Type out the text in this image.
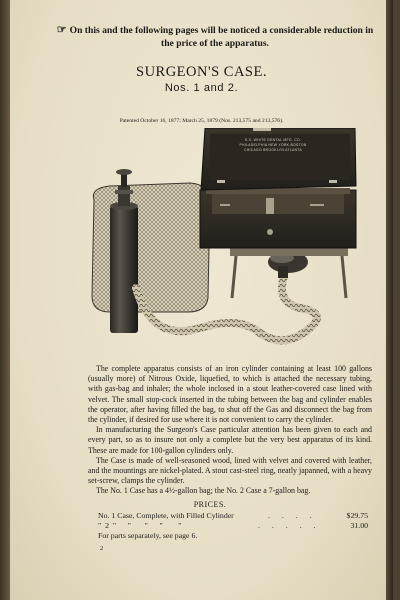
☞ On this and the following pages will be noticed a considerable reduction in the price of the apparatus.
SURGEON'S CASE.
Nos. 1 and 2.
Patented October 16, 1877; March 25, 1879 (Nos. 213,575 and 213,576).
S.S. WHITE DENTAL MFG. CO. PHILADELPHIA NEW YORK BOSTON CHICAGO BROOKLYN ATLANTA

The complete apparatus consists of an iron cylinder containing at least 100 gallons (usually more) of Nitrous Oxide, liquefied, to which is attached the necessary tubing, with gas-bag and inhaler; the whole inclosed in a stout leather-covered case lined with velvet. The small stop-cock inserted in the tubing between the bag and cylinder enables the operator, after having filled the bag, to shut off the Gas and disconnect the bag from the cylinder, if desired for use where it is not convenient to carry the cylinder.

In manufacturing the Surgeon's Case particular attention has been given to each and every part, so as to insure not only a complete but the very best apparatus of its kind. These are made for 100-gallon cylinders only.

The Case is made of well-seasoned wood, lined with velvet and covered with leather, and the mountings are nickel-plated. A stout cast-steel ring, neatly japanned, with a heavy set-screw, clamps the cylinder.

The No. 1 Case has a 4½-gallon bag; the No. 2 Case a 7-gallon bag.

PRICES.
No. 1 Case, Complete, with Filled Cylinder	. . . .	$29.75
"  2  "      "       "      "        "	. . . . .	31.00
For parts separately, see page 6.
2
